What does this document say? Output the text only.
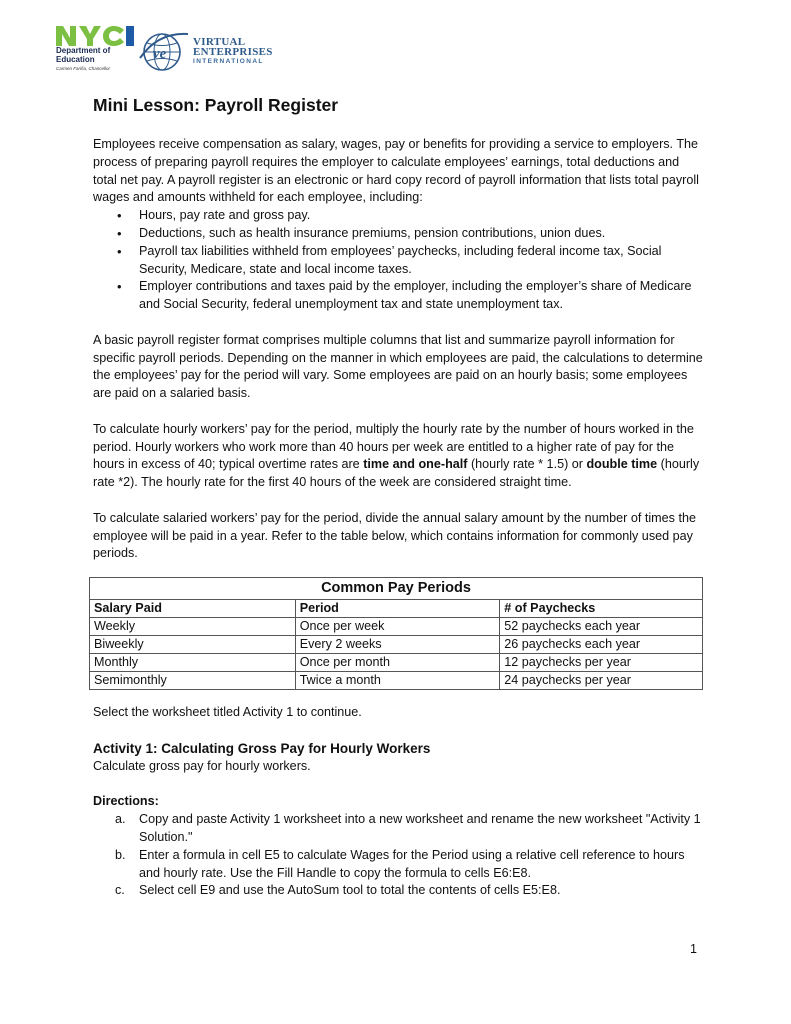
Department of
Education
Carmen Fariña, Chancellor
ve
VIRTUAL
ENTERPRISES
INTERNATIONAL
Mini Lesson: Payroll Register

Employees receive compensation as salary, wages, pay or benefits for providing a service to employers. The process of preparing payroll requires the employer to calculate employees’ earnings, total deductions and total net pay. A payroll register is an electronic or hard copy record of payroll information that lists total payroll wages and amounts withheld for each employee, including:

• Hours, pay rate and gross pay.
• Deductions, such as health insurance premiums, pension contributions, union dues.
• Payroll tax liabilities withheld from employees’ paychecks, including federal income tax, Social Security, Medicare, state and local income taxes.
• Employer contributions and taxes paid by the employer, including the employer’s share of Medicare and Social Security, federal unemployment tax and state unemployment tax.

A basic payroll register format comprises multiple columns that list and summarize payroll information for specific payroll periods. Depending on the manner in which employees are paid, the calculations to determine the employees’ pay for the period will vary. Some employees are paid on an hourly basis; some employees are paid on a salaried basis.

To calculate hourly workers’ pay for the period, multiply the hourly rate by the number of hours worked in the period. Hourly workers who work more than 40 hours per week are entitled to a higher rate of pay for the hours in excess of 40; typical overtime rates are time and one-half (hourly rate * 1.5) or double time (hourly rate *2). The hourly rate for the first 40 hours of the week are considered straight time.

To calculate salaried workers’ pay for the period, divide the annual salary amount by the number of times the employee will be paid in a year. Refer to the table below, which contains information for commonly used pay periods.

Common Pay Periods		
Salary Paid	Period	# of Paychecks
Weekly	Once per week	52 paychecks each year
Biweekly	Every 2 weeks	26 paychecks each year
Monthly	Once per month	12 paychecks per year
Semimonthly	Twice a month	24 paychecks per year

Select the worksheet titled Activity 1 to continue.

Activity 1: Calculating Gross Pay for Hourly Workers

Calculate gross pay for hourly workers.

Directions:

a. Copy and paste Activity 1 worksheet into a new worksheet and rename the new worksheet "Activity 1 Solution."
b. Enter a formula in cell E5 to calculate Wages for the Period using a relative cell reference to hours and hourly rate. Use the Fill Handle to copy the formula to cells E6:E8.
c. Select cell E9 and use the AutoSum tool to total the contents of cells E5:E8.
1
